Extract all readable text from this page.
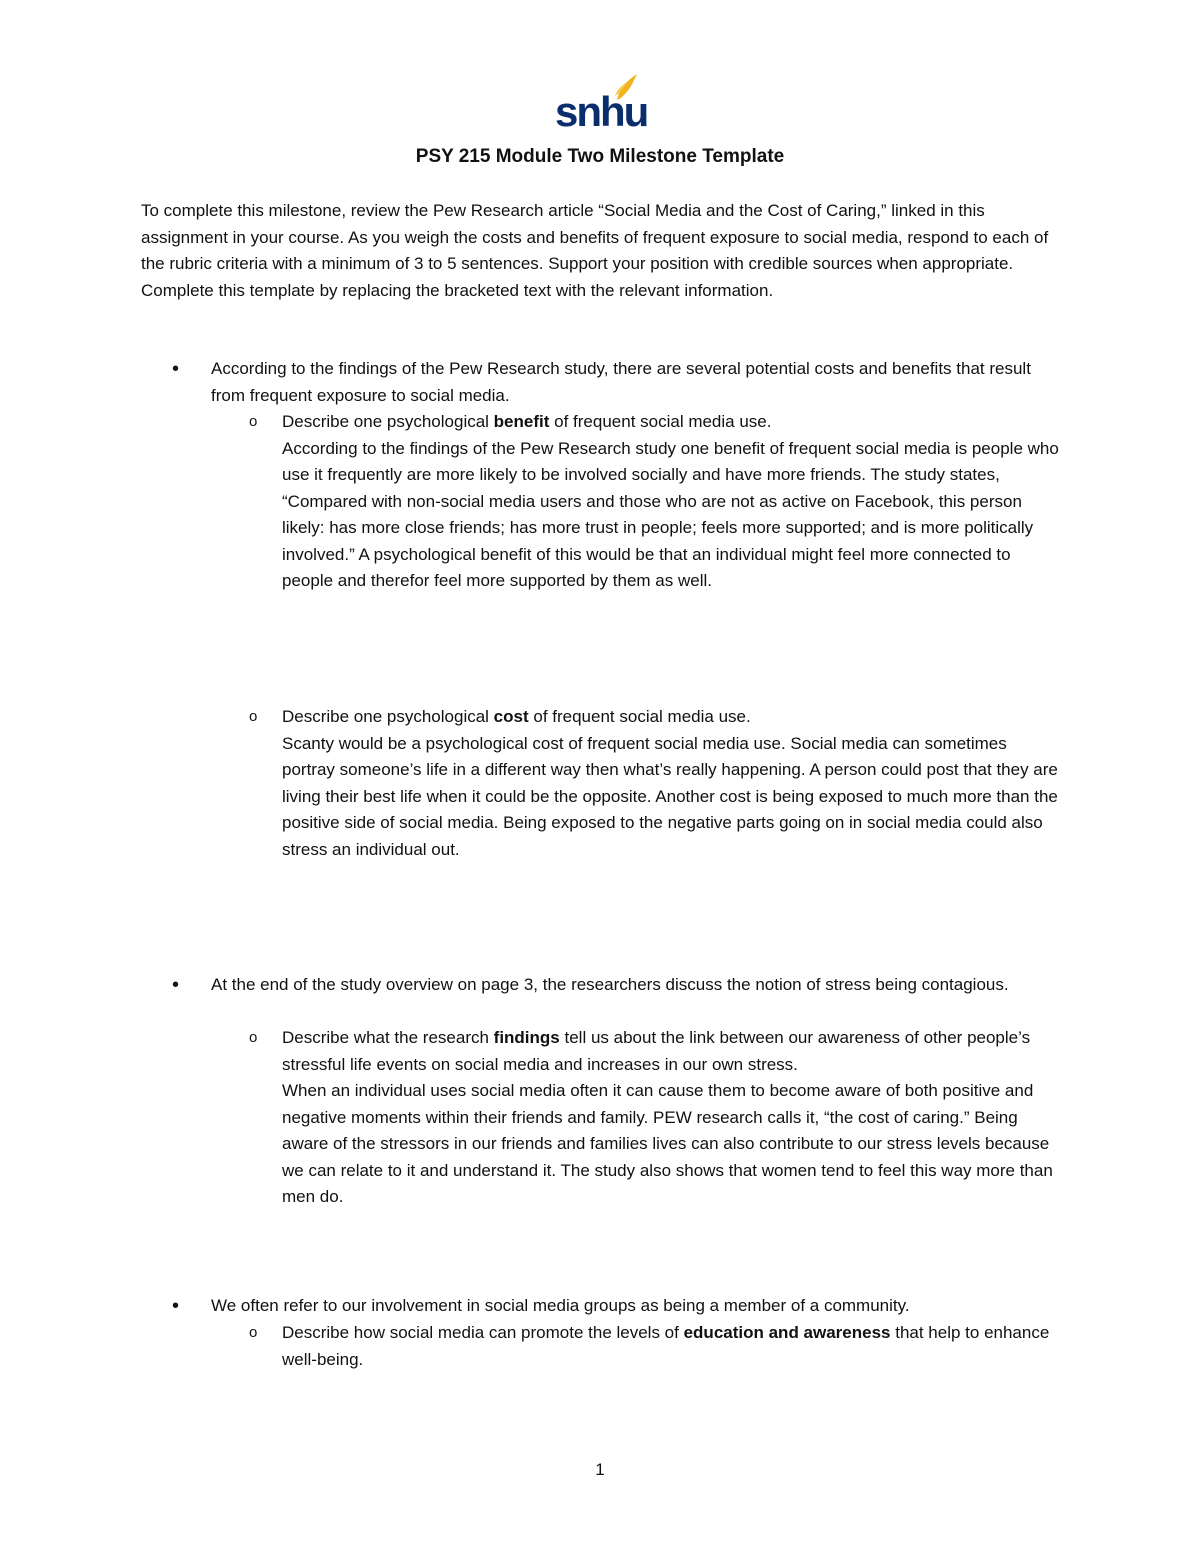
snhu
PSY 215 Module Two Milestone Template
To complete this milestone, review the Pew Research article “Social Media and the Cost of Caring,” linked in this assignment in your course. As you weigh the costs and benefits of frequent exposure to social media, respond to each of the rubric criteria with a minimum of 3 to 5 sentences. Support your position with credible sources when appropriate. Complete this template by replacing the bracketed text with the relevant information.
• According to the findings of the Pew Research study, there are several potential costs and benefits that result from frequent exposure to social media.
o Describe one psychological benefit of frequent social media use.
According to the findings of the Pew Research study one benefit of frequent social media is people who use it frequently are more likely to be involved socially and have more friends. The study states, “Compared with non-social media users and those who are not as active on Facebook, this person likely: has more close friends; has more trust in people; feels more supported; and is more politically involved.” A psychological benefit of this would be that an individual might feel more connected to people and therefor feel more supported by them as well.
o Describe one psychological cost of frequent social media use.
Scanty would be a psychological cost of frequent social media use. Social media can sometimes portray someone’s life in a different way then what’s really happening. A person could post that they are living their best life when it could be the opposite. Another cost is being exposed to much more than the positive side of social media. Being exposed to the negative parts going on in social media could also stress an individual out.
• At the end of the study overview on page 3, the researchers discuss the notion of stress being contagious.
o Describe what the research findings tell us about the link between our awareness of other people’s stressful life events on social media and increases in our own stress.
When an individual uses social media often it can cause them to become aware of both positive and negative moments within their friends and family. PEW research calls it, “the cost of caring.” Being aware of the stressors in our friends and families lives can also contribute to our stress levels because we can relate to it and understand it. The study also shows that women tend to feel this way more than men do.
• We often refer to our involvement in social media groups as being a member of a community.
o Describe how social media can promote the levels of education and awareness that help to enhance well-being.
1
